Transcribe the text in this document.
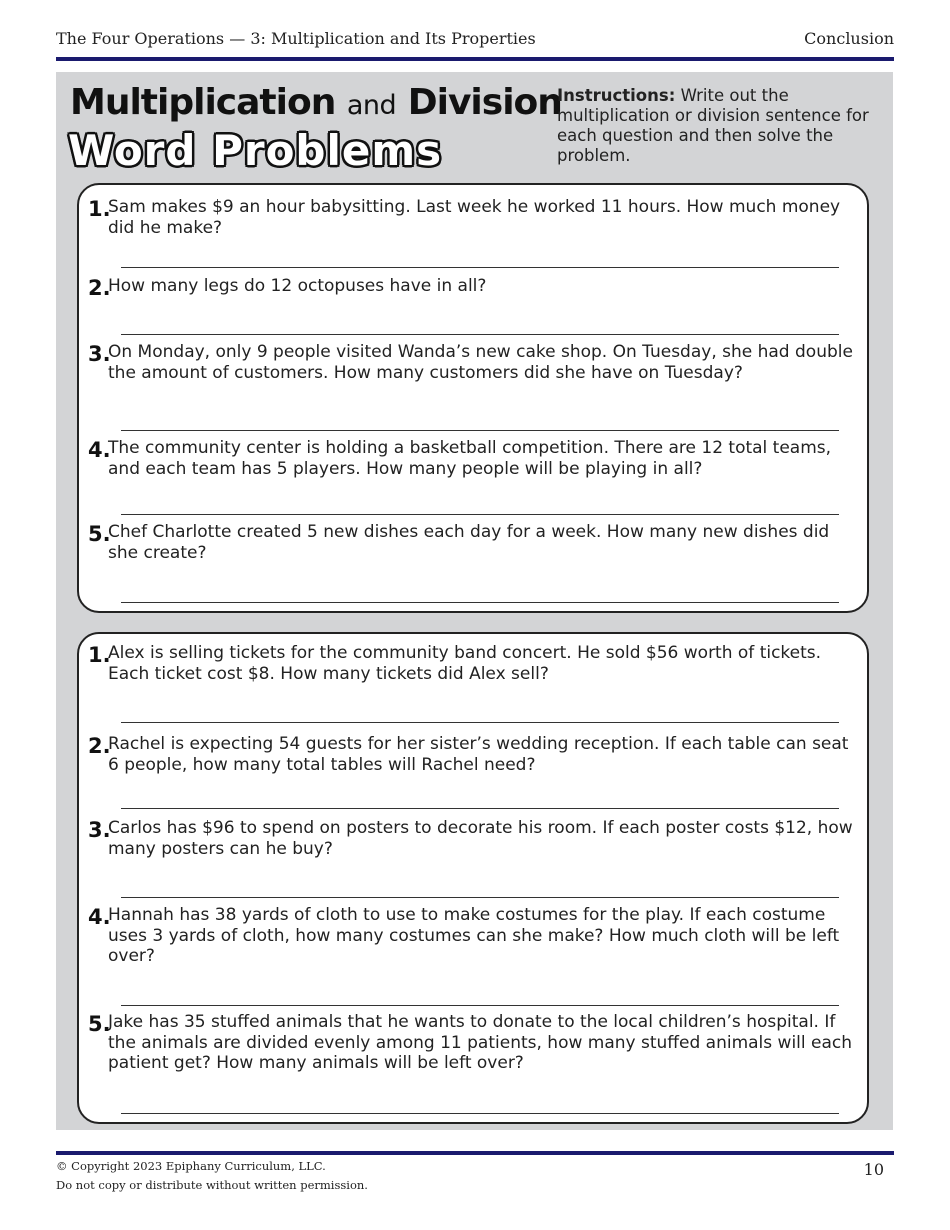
The Four Operations — 3: Multiplication and Its Properties	Conclusion
Multiplication and Division
Word Problems
Instructions: Write out the multiplication or division sentence for each question and then solve the problem.
1.
Sam makes $9 an hour babysitting. Last week he worked 11 hours. How much money did he make?
2.
How many legs do 12 octopuses have in all?
3.
On Monday, only 9 people visited Wanda’s new cake shop. On Tuesday, she had double the amount of customers. How many customers did she have on Tuesday?
4.
The community center is holding a basketball competition. There are 12 total teams, and each team has 5 players. How many people will be playing in all?
5.
Chef Charlotte created 5 new dishes each day for a week. How many new dishes did she create?
1.
Alex is selling tickets for the community band concert. He sold $56 worth of tickets. Each ticket cost $8. How many tickets did Alex sell?
2.
Rachel is expecting 54 guests for her sister’s wedding reception. If each table can seat 6 people, how many total tables will Rachel need?
3.
Carlos has $96 to spend on posters to decorate his room. If each poster costs $12, how many posters can he buy?
4.
Hannah has 38 yards of cloth to use to make costumes for the play. If each costume uses 3 yards of cloth, how many costumes can she make? How much cloth will be left over?
5.
Jake has 35 stuffed animals that he wants to donate to the local children’s hospital. If the animals are divided evenly among 11 patients, how many stuffed animals will each patient get? How many animals will be left over?
© Copyright 2023 Epiphany Curriculum, LLC.
Do not copy or distribute without written permission.
10
